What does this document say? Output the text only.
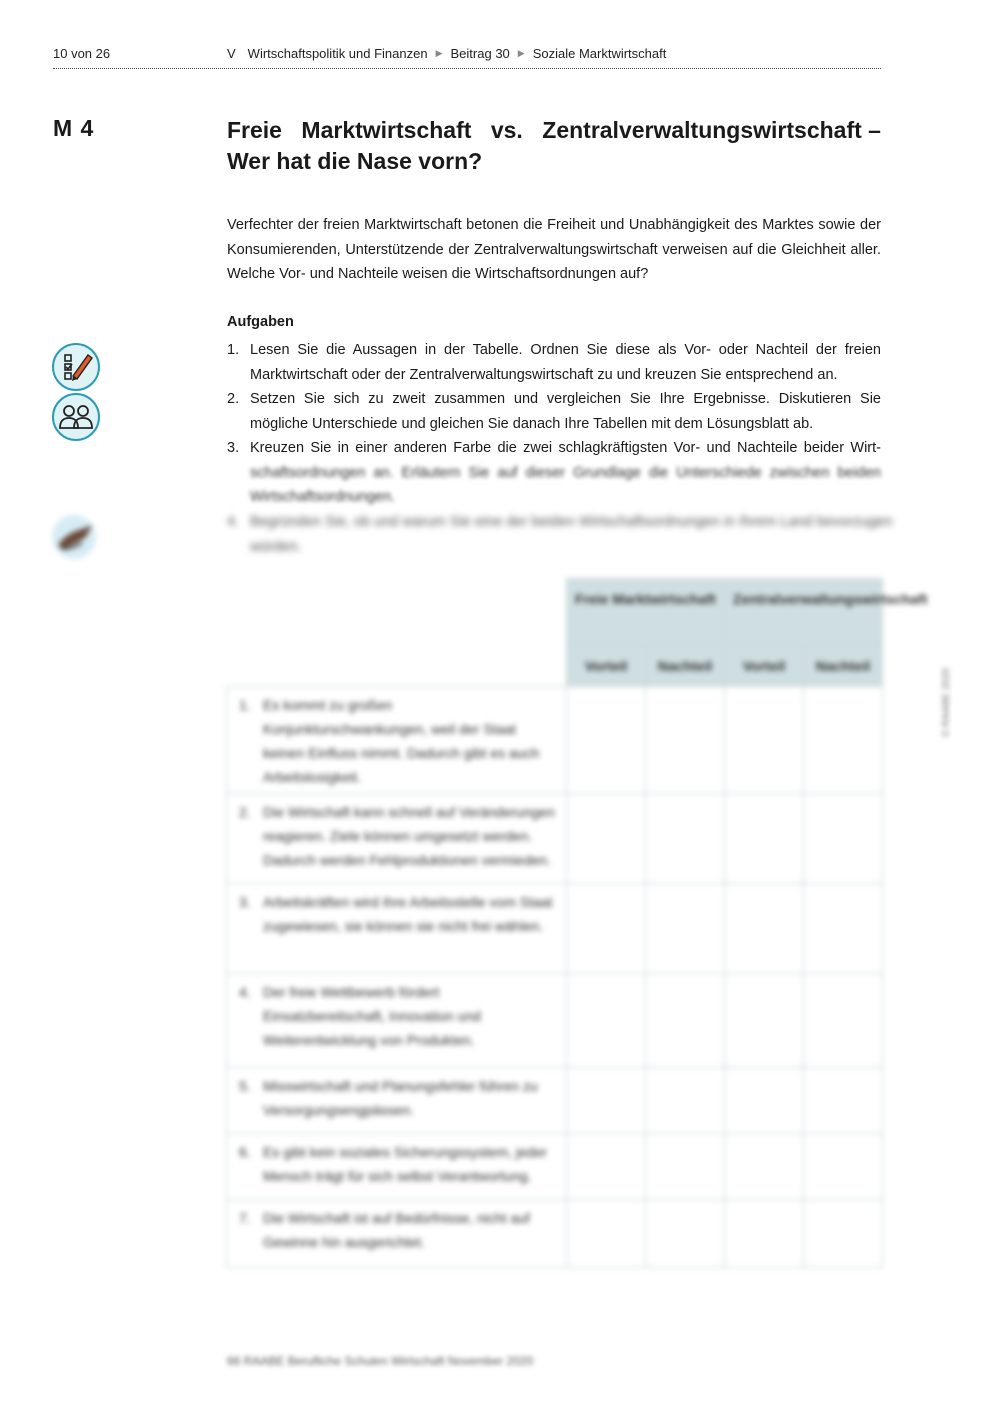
10 von 26	V Wirtschaftspolitik und Finanzen ▶ Beitrag 30 ▶ Soziale Marktwirtschaft
M 4	Freie Marktwirtschaft vs. Zentralverwaltungswirtschaft –
Wer hat die Nase vorn?

Verfechter der freien Marktwirtschaft betonen die Freiheit und Unabhängigkeit des Marktes sowie der Konsumierenden, Unterstützende der Zentralverwaltungswirtschaft verweisen auf die Gleichheit aller. Welche Vor- und Nachteile weisen die Wirtschaftsordnungen auf?

Aufgaben
1. Lesen Sie die Aussagen in der Tabelle. Ordnen Sie diese als Vor- oder Nachteil der freien Marktwirtschaft oder der Zentralverwaltungswirtschaft zu und kreuzen Sie entsprechend an.
2. Setzen Sie sich zu zweit zusammen und vergleichen Sie Ihre Ergebnisse. Diskutieren Sie mögliche Unterschiede und gleichen Sie danach Ihre Tabellen mit dem Lösungsblatt ab.
3. Kreuzen Sie in einer anderen Farbe die zwei schlagkräftigsten Vor- und Nachteile beider Wirt- schaftsordnungen an. Erläutern Sie auf dieser Grundlage die Unterschiede zwischen beiden Wirtschaftsordnungen.
4. Begründen Sie, ob und warum Sie eine der beiden Wirtschaftsordnungen in Ihrem Land bevorzugen würden.
© RAABE 2020
	Freie Marktwirtschaft		Zentralverwaltungswirtschaft	
	Vorteil	Nachteil	Vorteil	Nachteil

1. Es kommt zu großen Konjunkturschwankungen, weil der Staat keinen Einfluss nimmt. Dadurch gibt es auch Arbeitslosigkeit.				

2. Die Wirtschaft kann schnell auf Veränderungen reagieren. Ziele können umgesetzt werden. Dadurch werden Fehlproduktionen vermieden.				

3. Arbeitskräften wird ihre Arbeitsstelle vom Staat zugewiesen, sie können sie nicht frei wählen.				

4. Der freie Wettbewerb fördert Einsatzbereitschaft, Innovation und Weiterentwicklung von Produkten.				

5. Misswirtschaft und Planungsfehler führen zu Versorgungsengpässen.				

6. Es gibt kein soziales Sicherungssystem, jeder Mensch trägt für sich selbst Verantwortung.				

7. Die Wirtschaft ist auf Bedürfnisse, nicht auf Gewinne hin ausgerichtet.				
66 RAABE Berufliche Schulen Wirtschaft November 2020
